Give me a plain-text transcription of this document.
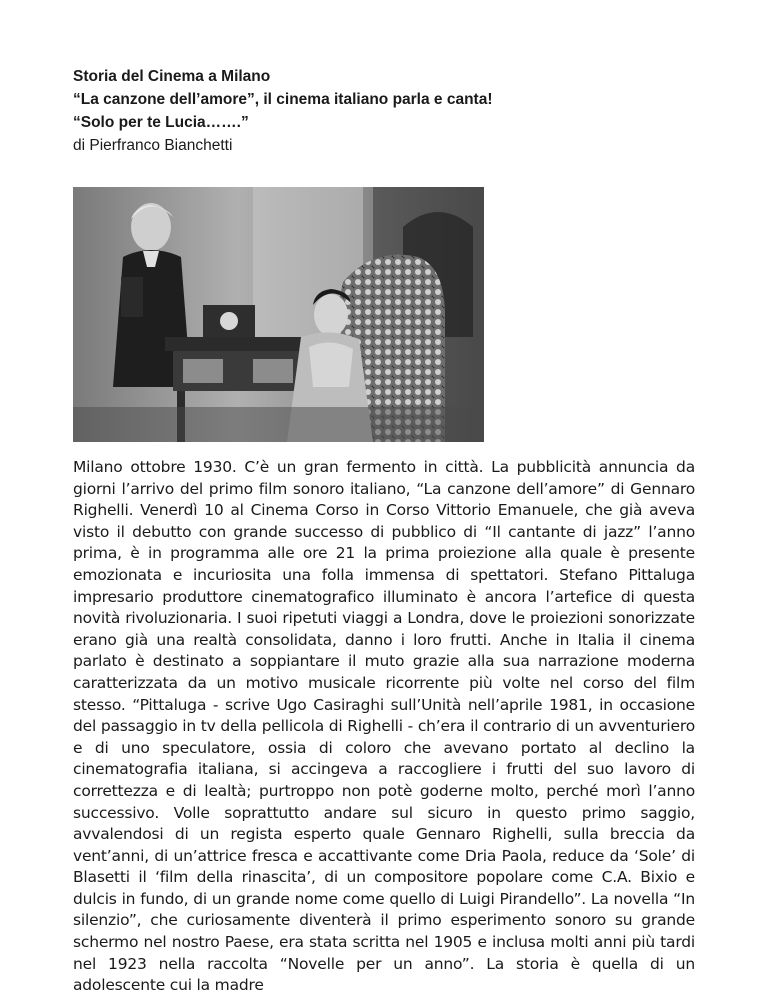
Storia del Cinema a Milano

“La canzone dell’amore”, il cinema italiano parla e canta!

“Solo per te Lucia…….”

di Pierfranco Bianchetti

Milano ottobre 1930. C’è un gran fermento in città. La pubblicità annuncia da giorni l’arrivo del primo film sonoro italiano, “La canzone dell’amore” di Gennaro Righelli. Venerdì 10 al Cinema Corso in Corso Vittorio Emanuele, che già aveva visto il debutto con grande successo di pubblico di “Il cantante di jazz” l’anno prima, è in programma alle ore 21 la prima proiezione alla quale è presente emozionata e incuriosita una folla immensa di spettatori. Stefano Pittaluga impresario produttore cinematografico illuminato è ancora l’artefice di questa novità rivoluzionaria. I suoi ripetuti viaggi a Londra, dove le proiezioni sonorizzate erano già una realtà consolidata, danno i loro frutti. Anche in Italia il cinema parlato è destinato a soppiantare il muto grazie alla sua narrazione moderna caratterizzata da un motivo musicale ricorrente più volte nel corso del film stesso. “Pittaluga - scrive Ugo Casiraghi sull’Unità nell’aprile 1981, in occasione del passaggio in tv della pellicola di Righelli - ch’era il contrario di un avventuriero e di uno speculatore, ossia di coloro che avevano portato al declino la cinematografia italiana, si accingeva a raccogliere i frutti del suo lavoro di correttezza e di lealtà; purtroppo non potè goderne molto, perché morì l’anno successivo. Volle soprattutto andare sul sicuro in questo primo saggio, avvalendosi di un regista esperto quale Gennaro Righelli, sulla breccia da vent’anni, di un’attrice fresca e accattivante come Dria Paola, reduce da ‘Sole’ di Blasetti il ‘film della rinascita’, di un compositore popolare come C.A. Bixio e dulcis in fundo, di un grande nome come quello di Luigi Pirandello”. La novella “In silenzio”, che curiosamente diventerà il primo esperimento sonoro su grande schermo nel nostro Paese, era stata scritta nel 1905 e inclusa molti anni più tardi nel 1923 nella raccolta “Novelle per un anno”. La storia è quella di un adolescente cui la madre
